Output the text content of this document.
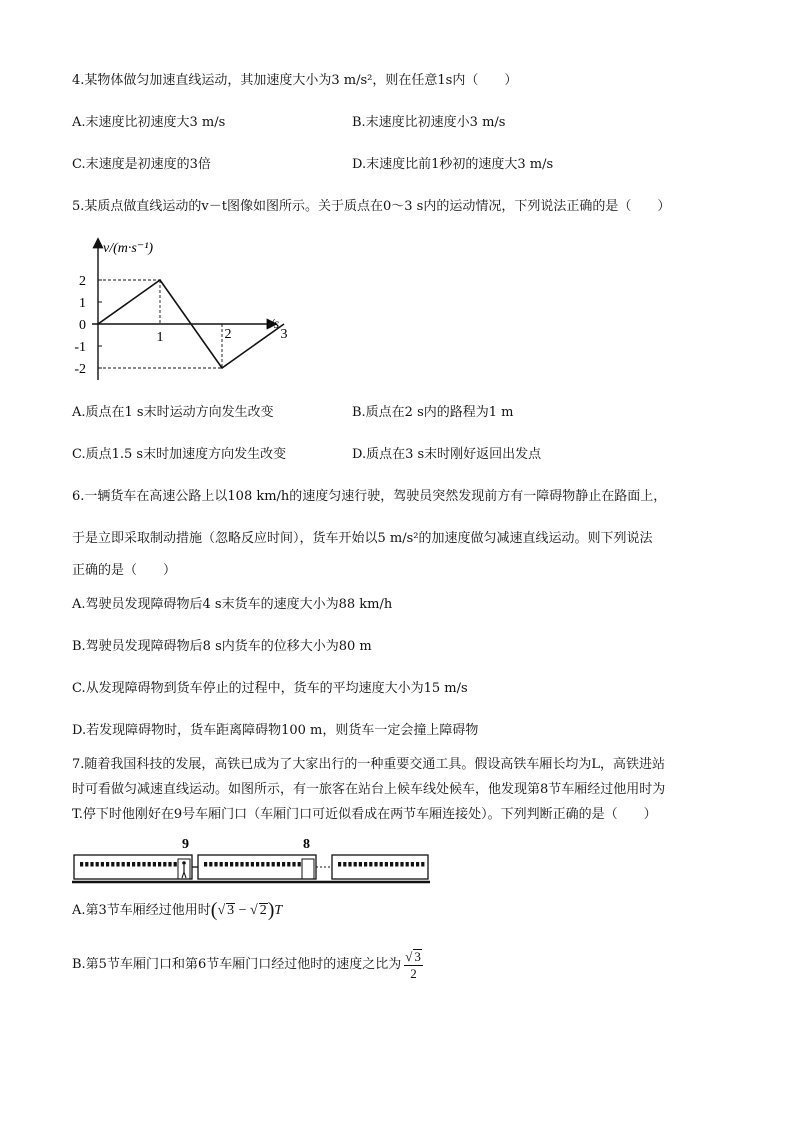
4.某物体做匀加速直线运动，其加速度大小为3 m/s²，则在任意1s内（　　）
A.末速度比初速度大3 m/s	B.末速度比初速度小3 m/s
C.末速度是初速度的3倍	D.末速度比前1秒初的速度大3 m/s
5.某质点做直线运动的v－t图像如图所示。关于质点在0～3 s内的运动情况，下列说法正确的是（　　）
v/(m·s⁻¹)
t/s
2
1
0
-1
-2
1	2	3
A.质点在1 s末时运动方向发生改变	B.质点在2 s内的路程为1 m
C.质点1.5 s末时加速度方向发生改变	D.质点在3 s末时刚好返回出发点
6.一辆货车在高速公路上以108 km/h的速度匀速行驶，驾驶员突然发现前方有一障碍物静止在路面上，
于是立即采取制动措施（忽略反应时间），货车开始以5 m/s²的加速度做匀减速直线运动。则下列说法
正确的是（　　）
A.驾驶员发现障碍物后4 s末货车的速度大小为88 km/h
B.驾驶员发现障碍物后8 s内货车的位移大小为80 m
C.从发现障碍物到货车停止的过程中，货车的平均速度大小为15 m/s
D.若发现障碍物时，货车距离障碍物100 m，则货车一定会撞上障碍物
7.随着我国科技的发展，高铁已成为了大家出行的一种重要交通工具。假设高铁车厢长均为L，高铁进站
时可看做匀减速直线运动。如图所示，有一旅客在站台上候车线处候车，他发现第8节车厢经过他用时为
T.停下时他刚好在9号车厢门口（车厢门口可近似看成在两节车厢连接处）。下列判断正确的是（　　）
9	8
A.第3节车厢经过他用时(√ 3 − √ 2)T
B.第5节车厢门口和第6节车厢门口经过他时的速度之比为 $\frac{√ 3}{2}$
